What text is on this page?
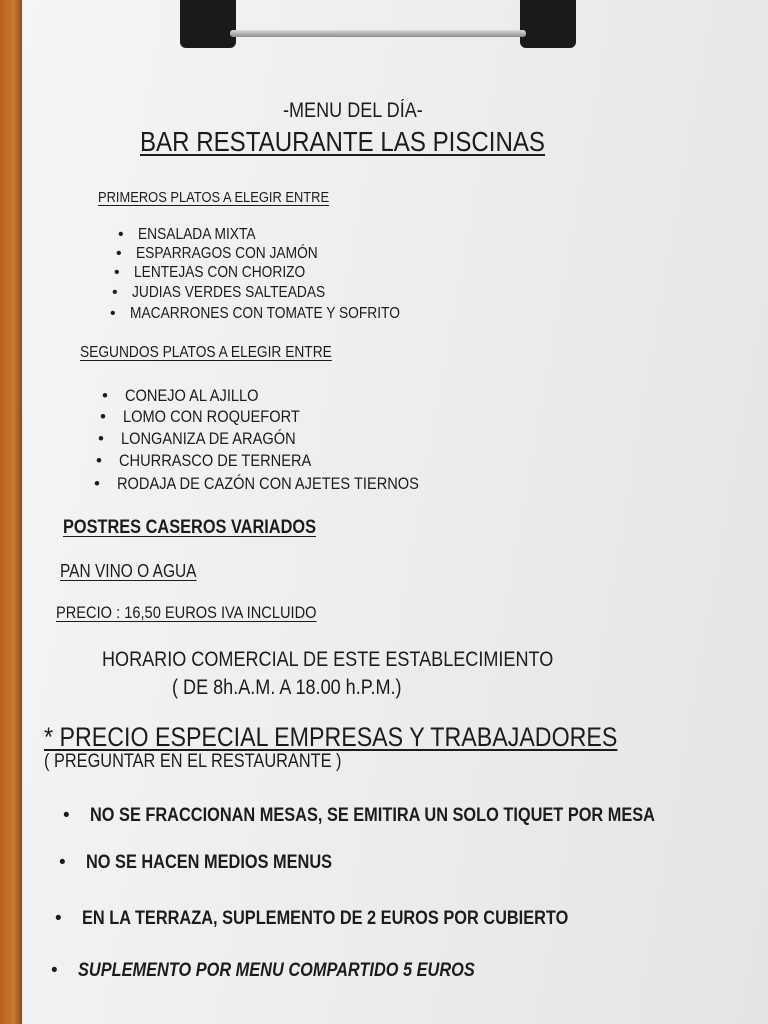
-MENU DEL DÍA-
BAR RESTAURANTE LAS PISCINAS
PRIMEROS PLATOS A ELEGIR ENTRE
• ENSALADA MIXTA
• ESPARRAGOS CON JAMÓN
• LENTEJAS CON CHORIZO
• JUDIAS VERDES SALTEADAS
• MACARRONES CON TOMATE Y SOFRITO
SEGUNDOS PLATOS A ELEGIR ENTRE
• CONEJO AL AJILLO
• LOMO CON ROQUEFORT
• LONGANIZA DE ARAGÓN
• CHURRASCO DE TERNERA
• RODAJA DE CAZÓN CON AJETES TIERNOS
POSTRES CASEROS VARIADOS
PAN VINO O AGUA
PRECIO : 16,50 EUROS IVA INCLUIDO
HORARIO COMERCIAL DE ESTE ESTABLECIMIENTO
( DE 8h.A.M. A 18.00 h.P.M.)
* PRECIO ESPECIAL EMPRESAS Y TRABAJADORES
( PREGUNTAR EN EL RESTAURANTE )
• NO SE FRACCIONAN MESAS, SE EMITIRA UN SOLO TIQUET POR MESA
• NO SE HACEN MEDIOS MENUS
• EN LA TERRAZA, SUPLEMENTO DE 2 EUROS POR CUBIERTO
• SUPLEMENTO POR MENU COMPARTIDO 5 EUROS
